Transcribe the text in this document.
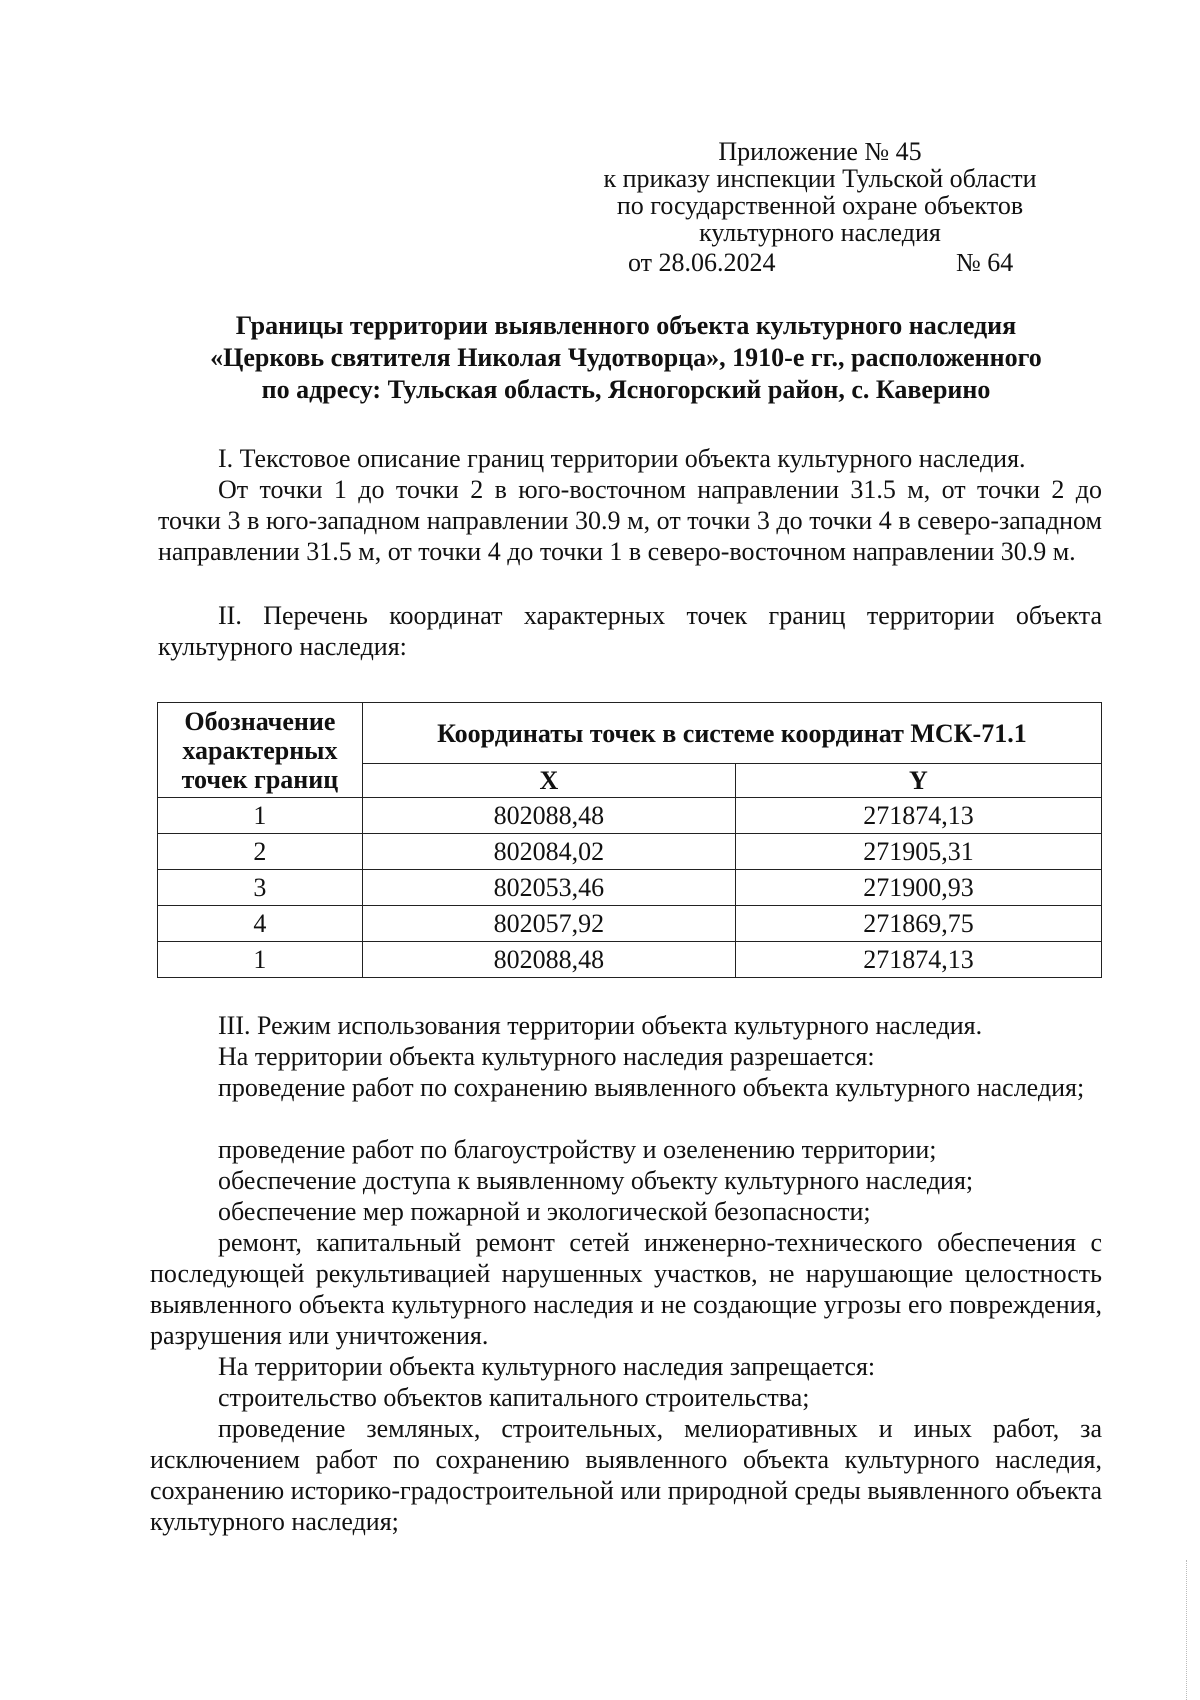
Приложение № 45
к приказу инспекции Тульской области
по государственной охране объектов
культурного наследия
от 28.06.2024	№ 64
Границы территории выявленного объекта культурного наследия
«Церковь святителя Николая Чудотворца», 1910-е гг., расположенного
по адресу: Тульская область, Ясногорский район, с. Каверино
I. Текстовое описание границ территории объекта культурного наследия.
От точки 1 до точки 2 в юго-восточном направлении 31.5 м, от точки 2 до точки 3 в юго-западном направлении 30.9 м, от точки 3 до точки 4 в северо-западном направлении 31.5 м, от точки 4 до точки 1 в северо-восточном направлении 30.9 м.
II. Перечень координат характерных точек границ территории объекта культурного наследия:
Обозначение характерных точек границ	Координаты точек в системе координат МСК-71.1	
	X	Y
1	802088,48	271874,13
2	802084,02	271905,31
3	802053,46	271900,93
4	802057,92	271869,75
1	802088,48	271874,13
III. Режим использования территории объекта культурного наследия.
На территории объекта культурного наследия разрешается:
проведение работ по сохранению выявленного объекта культурного наследия;
проведение работ по благоустройству и озеленению территории;
обеспечение доступа к выявленному объекту культурного наследия;
обеспечение мер пожарной и экологической безопасности;
ремонт, капитальный ремонт сетей инженерно-технического обеспечения с последующей рекультивацией нарушенных участков, не нарушающие целостность выявленного объекта культурного наследия и не создающие угрозы его повреждения, разрушения или уничтожения.
На территории объекта культурного наследия запрещается:
строительство объектов капитального строительства;
проведение земляных, строительных, мелиоративных и иных работ, за исключением работ по сохранению выявленного объекта культурного наследия, сохранению историко-градостроительной или природной среды выявленного объекта культурного наследия;
